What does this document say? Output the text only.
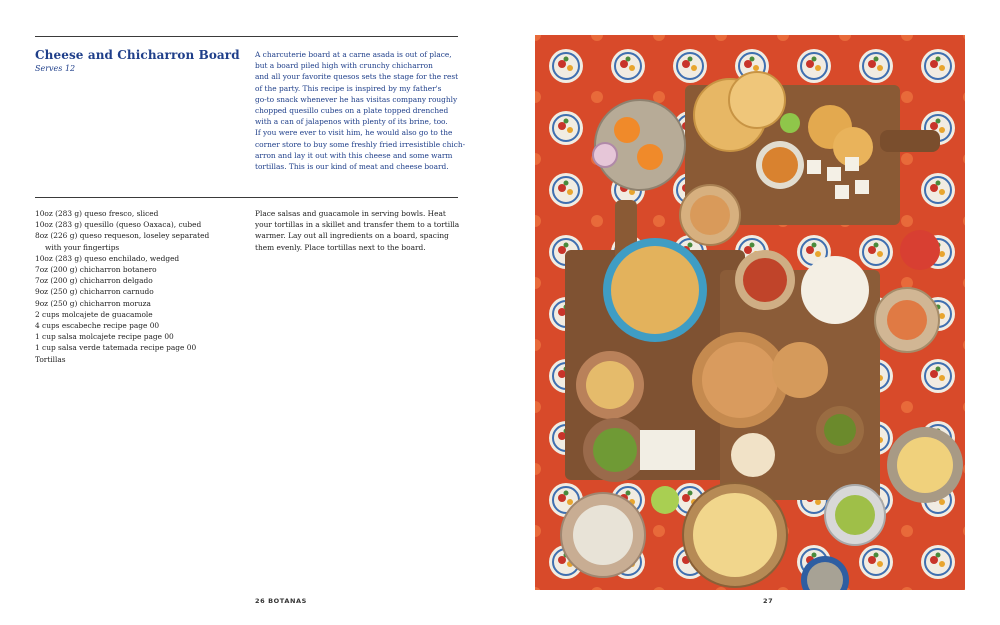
Cheese and Chicharron Board
Serves 12
A charcuterie board at a carne asada is out of place,
but a board piled high with crunchy chicharron
and all your favorite quesos sets the stage for the rest
of the party. This recipe is inspired by my father's
go-to snack whenever he has visitas company roughly
chopped quesillo cubes on a plate topped drenched
with a can of jalapenos with plenty of its brine, too.
If you were ever to visit him, he would also go to the
corner store to buy some freshly fried irresistible chich-
arron and lay it out with this cheese and some warm
tortillas. This is our kind of meat and cheese board.
10oz (283 g) queso fresco, sliced
10oz (283 g) quesillo (queso Oaxaca), cubed
8oz (226 g) queso requeson, loseley separated
with your fingertips
10oz (283 g) queso enchilado, wedged
7oz (200 g) chicharron botanero
7oz (200 g) chicharron delgado
9oz (250 g) chicharron carnudo
9oz (250 g) chicharron moruza
2 cups molcajete de guacamole
4 cups escabeche recipe page 00
1 cup salsa molcajete recipe page 00
1 cup salsa verde tatemada recipe page 00
Tortillas
Place salsas and guacamole in serving bowls. Heat
your tortillas in a skillet and transfer them to a tortilla
warmer. Lay out all ingredients on a board, spacing
them evenly. Place tortillas next to the board.
26 BOTANAS	27
